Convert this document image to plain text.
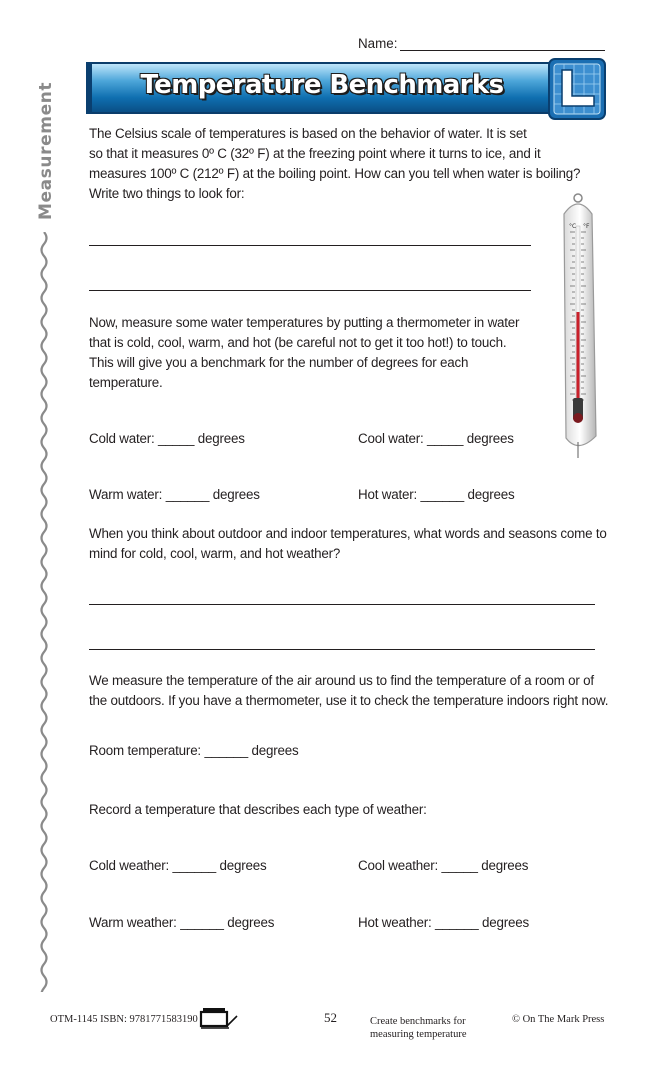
Measurement
Name:
Temperature Benchmarks
The Celsius scale of temperatures is based on the behavior of water. It is set
so that it measures 0º C (32º F) at the freezing point where it turns to ice, and it
measures 100º C (212º F) at the boiling point. How can you tell when water is boiling?
Write two things to look for:
°C °F
Now, measure some water temperatures by putting a thermometer in water
that is cold, cool, warm, and hot (be careful not to get it too hot!) to touch.
This will give you a benchmark for the number of degrees for each
temperature.
Cold water: _____ degrees	Cool water: _____ degrees
Warm water: ______ degrees	Hot water: ______ degrees
When you think about outdoor and indoor temperatures, what words and seasons come to
mind for cold, cool, warm, and hot weather?
We measure the temperature of the air around us to find the temperature of a room or of
the outdoors. If you have a thermometer, use it to check the temperature indoors right now.
Room temperature: ______ degrees
Record a temperature that describes each type of weather:
Cold weather: ______ degrees	Cool weather: _____ degrees
Warm weather: ______ degrees	Hot weather: ______ degrees
OTM-1145 ISBN: 9781771583190	52	Create benchmarks for
measuring temperature
© On The Mark Press
